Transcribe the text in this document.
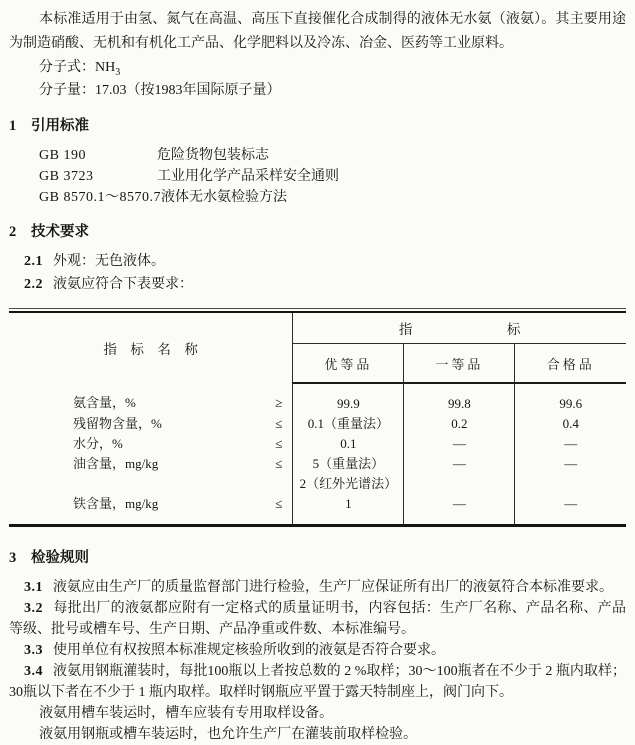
本标准适用于由氢、氮气在高温、高压下直接催化合成制得的液体无水氨（液氨）。其主要用途为制造硝酸、无机和有机化工产品、化学肥料以及冷冻、冶金、医药等工业原料。

分子式：$NH_3$

分子量：17.03（按1983年国际原子量）

1 引用标准

GB 190	危险货物包装标志

GB 3723	工业用化学产品采样安全通则

GB 8570.1～8570.7液体无水氨检验方法

2 技术要求

2.1 外观：无色液体。

2.2 液氨应符合下表要求：

指　标　名　称	指　　　　　　　标		
	优等品	一等品	合格品

氨含量，% ≥	99.9	99.8	99.6

残留物含量，% ≤	0.1（重量法）	0.2	0.4

水分，% ≤	0.1	—	—

油含量，mg/kg ≤	5（重量法）	—	—

	2（红外光谱法）		

铁含量，mg/kg ≤	1	—	—

3 检验规则

3.1 液氨应由生产厂的质量监督部门进行检验，生产厂应保证所有出厂的液氨符合本标准要求。

3.2 每批出厂的液氨都应附有一定格式的质量证明书，内容包括：生产厂名称、产品名称、产品等级、批号或槽车号、生产日期、产品净重或件数、本标准编号。

3.3 使用单位有权按照本标准规定核验所收到的液氨是否符合要求。

3.4 液氨用钢瓶灌装时，每批100瓶以上者按总数的 2 %取样；30～100瓶者在不少于 2 瓶内取样；30瓶以下者在不少于 1 瓶内取样。取样时钢瓶应平置于露天特制座上，阀门向下。

液氨用槽车装运时，槽车应装有专用取样设备。

液氨用钢瓶或槽车装运时，也允许生产厂在灌装前取样检验。
